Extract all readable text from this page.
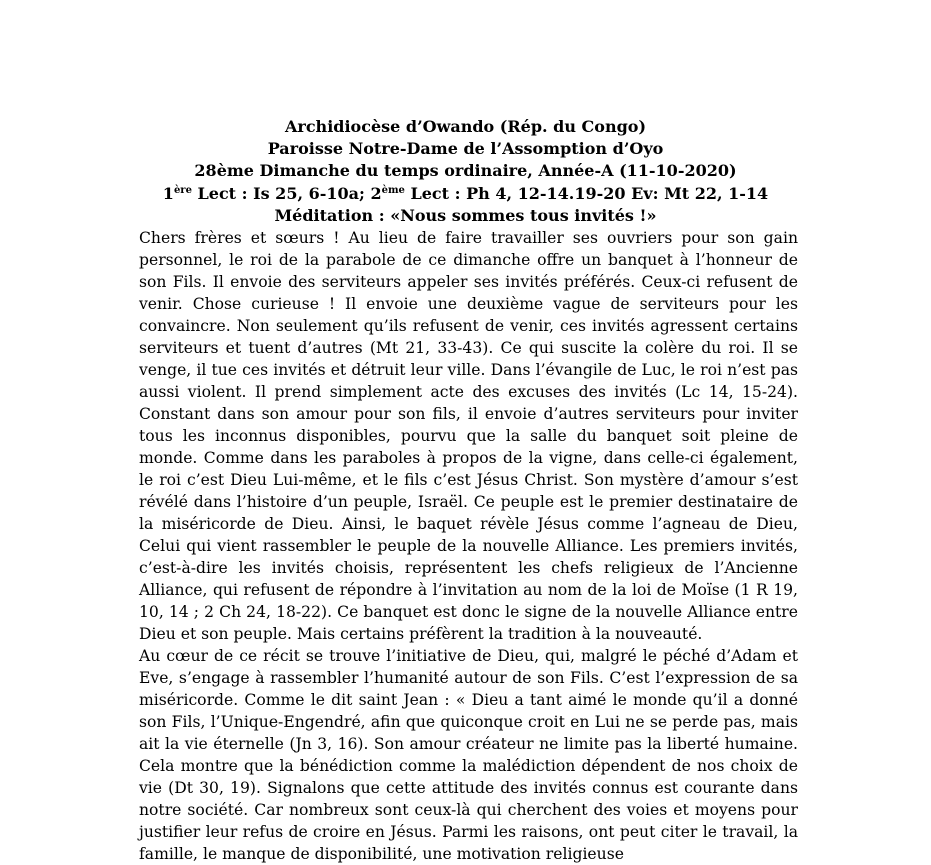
Archidiocèse d’Owando (Rép. du Congo)
Paroisse Notre-Dame de l’Assomption d’Oyo
28ème Dimanche du temps ordinaire, Année-A (11-10-2020)
1ère Lect : Is 25, 6-10a; 2ème Lect : Ph 4, 12-14.19-20 Ev: Mt 22, 1-14
Méditation : «Nous sommes tous invités !»

Chers frères et sœurs ! Au lieu de faire travailler ses ouvriers pour son gain personnel, le roi de la parabole de ce dimanche offre un banquet à l’honneur de son Fils. Il envoie des serviteurs appeler ses invités préférés. Ceux-ci refusent de venir. Chose curieuse ! Il envoie une deuxième vague de serviteurs pour les convaincre. Non seulement qu’ils refusent de venir, ces invités agressent certains serviteurs et tuent d’autres (Mt 21, 33-43). Ce qui suscite la colère du roi. Il se venge, il tue ces invités et détruit leur ville. Dans l’évangile de Luc, le roi n’est pas aussi violent. Il prend simplement acte des excuses des invités (Lc 14, 15-24). Constant dans son amour pour son fils, il envoie d’autres serviteurs pour inviter tous les inconnus disponibles, pourvu que la salle du banquet soit pleine de monde. Comme dans les paraboles à propos de la vigne, dans celle-ci également, le roi c’est Dieu Lui-même, et le fils c’est Jésus Christ. Son mystère d’amour s’est révélé dans l’histoire d’un peuple, Israël. Ce peuple est le premier destinataire de la miséricorde de Dieu. Ainsi, le baquet révèle Jésus comme l’agneau de Dieu, Celui qui vient rassembler le peuple de la nouvelle Alliance. Les premiers invités, c’est-à-dire les invités choisis, représentent les chefs religieux de l’Ancienne Alliance, qui refusent de répondre à l’invitation au nom de la loi de Moïse (1 R 19, 10, 14 ; 2 Ch 24, 18-22). Ce banquet est donc le signe de la nouvelle Alliance entre Dieu et son peuple. Mais certains préfèrent la tradition à la nouveauté.

Au cœur de ce récit se trouve l’initiative de Dieu, qui, malgré le péché d’Adam et Eve, s’engage à rassembler l’humanité autour de son Fils. C’est l’expression de sa miséricorde. Comme le dit saint Jean : « Dieu a tant aimé le monde qu’il a donné son Fils, l’Unique-Engendré, afin que quiconque croit en Lui ne se perde pas, mais ait la vie éternelle (Jn 3, 16). Son amour créateur ne limite pas la liberté humaine. Cela montre que la bénédiction comme la malédiction dépendent de nos choix de vie (Dt 30, 19). Signalons que cette attitude des invités connus est courante dans notre société. Car nombreux sont ceux-là qui cherchent des voies et moyens pour justifier leur refus de croire en Jésus. Parmi les raisons, ont peut citer le travail, la famille, le manque de disponibilité, une motivation religieuse
